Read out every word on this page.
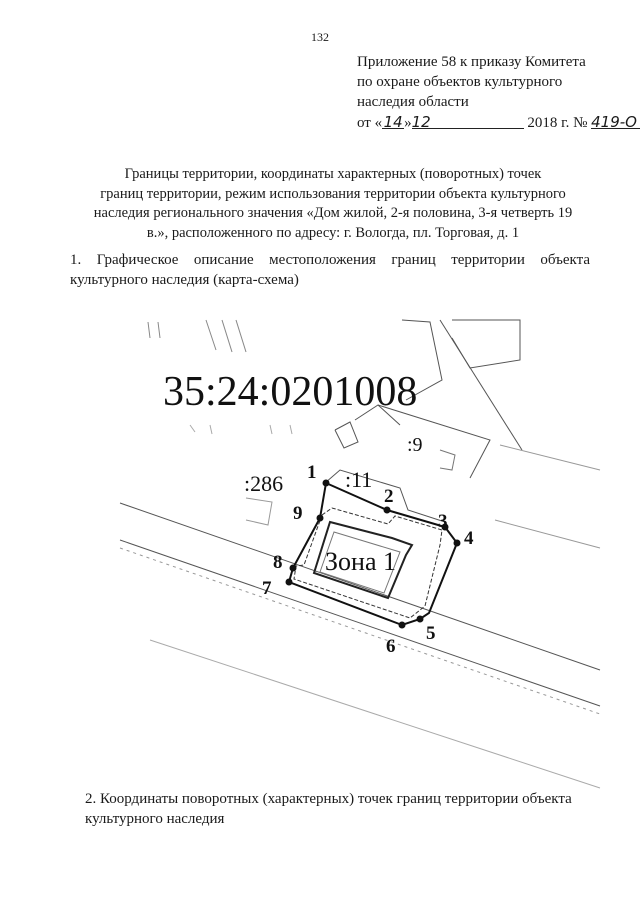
132
Приложение 58 к приказу Комитета
по охране объектов культурного
наследия области
от «14»12	2018 г. № 419-О
Границы территории, координаты характерных (поворотных) точек
границ территории, режим использования территории объекта культурного
наследия регионального значения «Дом жилой, 2-я половина, 3-я четверть 19
в.», расположенного по адресу: г. Вологда, пл. Торговая, д. 1
1. Графическое описание местоположения границ территории объекта
культурного наследия (карта-схема)
35:24:0201008
:286	:11
:9
Зона 1
1
2
3
4
5
6
7
8
9
2. Координаты поворотных (характерных) точек границ территории объекта
культурного наследия
